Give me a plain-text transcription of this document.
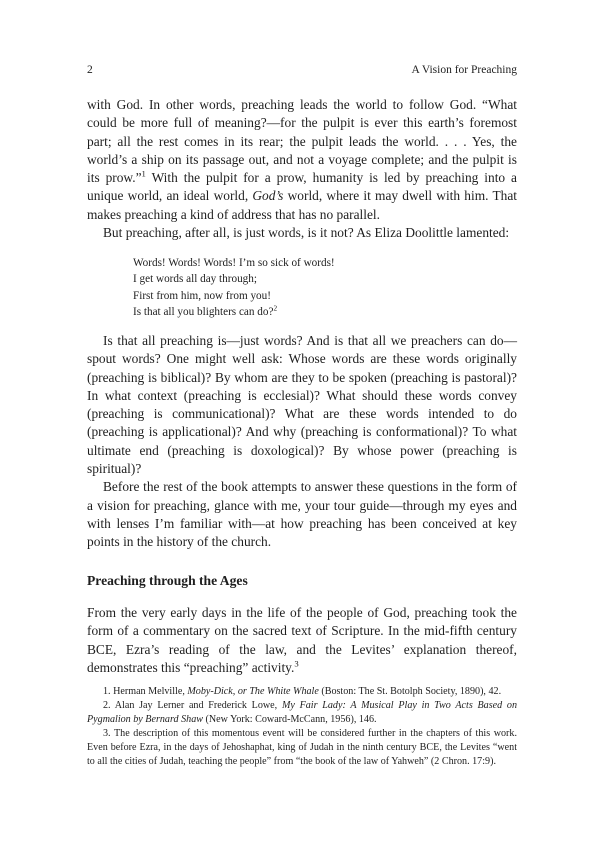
2	A Vision for Preaching

with God. In other words, preaching leads the world to follow God. “What could be more full of meaning?—for the pulpit is ever this earth’s foremost part; all the rest comes in its rear; the pulpit leads the world. . . . Yes, the world’s a ship on its passage out, and not a voyage complete; and the pulpit is its prow.”$^1$ With the pulpit for a prow, humanity is led by preaching into a unique world, an ideal world, God’s world, where it may dwell with him. That makes preaching a kind of address that has no parallel.

But preaching, after all, is just words, is it not? As Eliza Doolittle lamented:

Words! Words! Words! I’m so sick of words!
I get words all day through;
First from him, now from you!
Is that all you blighters can do?$^2$

Is that all preaching is—just words? And is that all we preachers can do—spout words? One might well ask: Whose words are these words originally (preaching is biblical)? By whom are they to be spoken (preaching is pastoral)? In what context (preaching is ecclesial)? What should these words convey (preaching is communicational)? What are these words intended to do (preaching is applicational)? And why (preaching is conformational)? To what ultimate end (preaching is doxological)? By whose power (preaching is spiritual)?

Before the rest of the book attempts to answer these questions in the form of a vision for preaching, glance with me, your tour guide—through my eyes and with lenses I’m familiar with—at how preaching has been conceived at key points in the history of the church.

Preaching through the Ages

From the very early days in the life of the people of God, preaching took the form of a commentary on the sacred text of Scripture. In the mid-fifth century BCE, Ezra’s reading of the law, and the Levites’ explanation thereof, demonstrates this “preaching” activity.$^3$

1. Herman Melville, Moby-Dick, or The White Whale (Boston: The St. Botolph Society, 1890), 42.

2. Alan Jay Lerner and Frederick Lowe, My Fair Lady: A Musical Play in Two Acts Based on Pygmalion by Bernard Shaw (New York: Coward-McCann, 1956), 146.

3. The description of this momentous event will be considered further in the chapters of this work. Even before Ezra, in the days of Jehoshaphat, king of Judah in the ninth century BCE, the Levites “went to all the cities of Judah, teaching the people” from “the book of the law of Yahweh” (2 Chron. 17:9).
